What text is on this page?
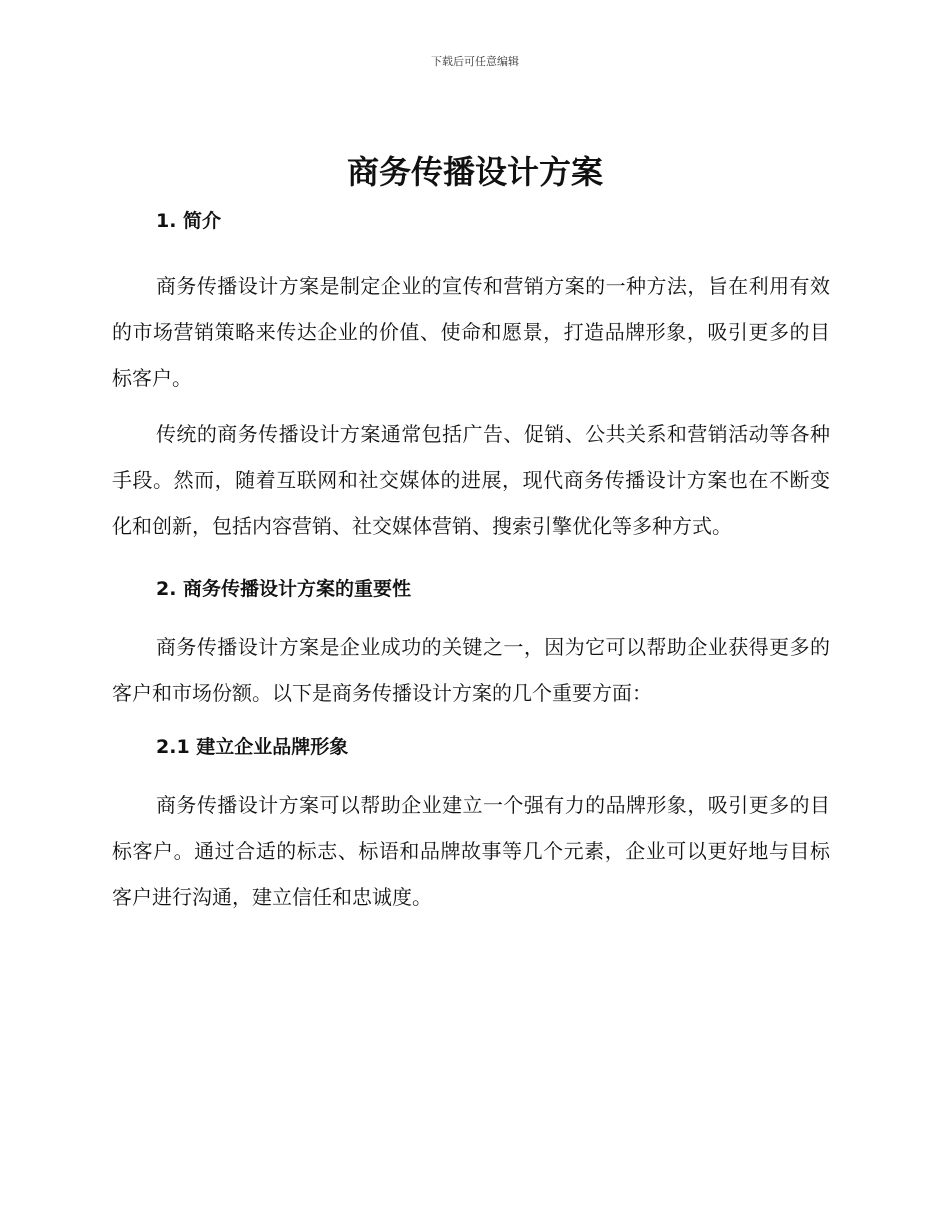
下载后可任意编辑
商务传播设计方案
1. 简介

商务传播设计方案是制定企业的宣传和营销方案的一种方法，旨在利用有效的市场营销策略来传达企业的价值、使命和愿景，打造品牌形象，吸引更多的目标客户。

传统的商务传播设计方案通常包括广告、促销、公共关系和营销活动等各种手段。然而，随着互联网和社交媒体的进展，现代商务传播设计方案也在不断变化和创新，包括内容营销、社交媒体营销、搜索引擎优化等多种方式。

2. 商务传播设计方案的重要性

商务传播设计方案是企业成功的关键之一，因为它可以帮助企业获得更多的客户和市场份额。以下是商务传播设计方案的几个重要方面：

2.1 建立企业品牌形象

商务传播设计方案可以帮助企业建立一个强有力的品牌形象，吸引更多的目标客户。通过合适的标志、标语和品牌故事等几个元素，企业可以更好地与目标客户进行沟通，建立信任和忠诚度。
